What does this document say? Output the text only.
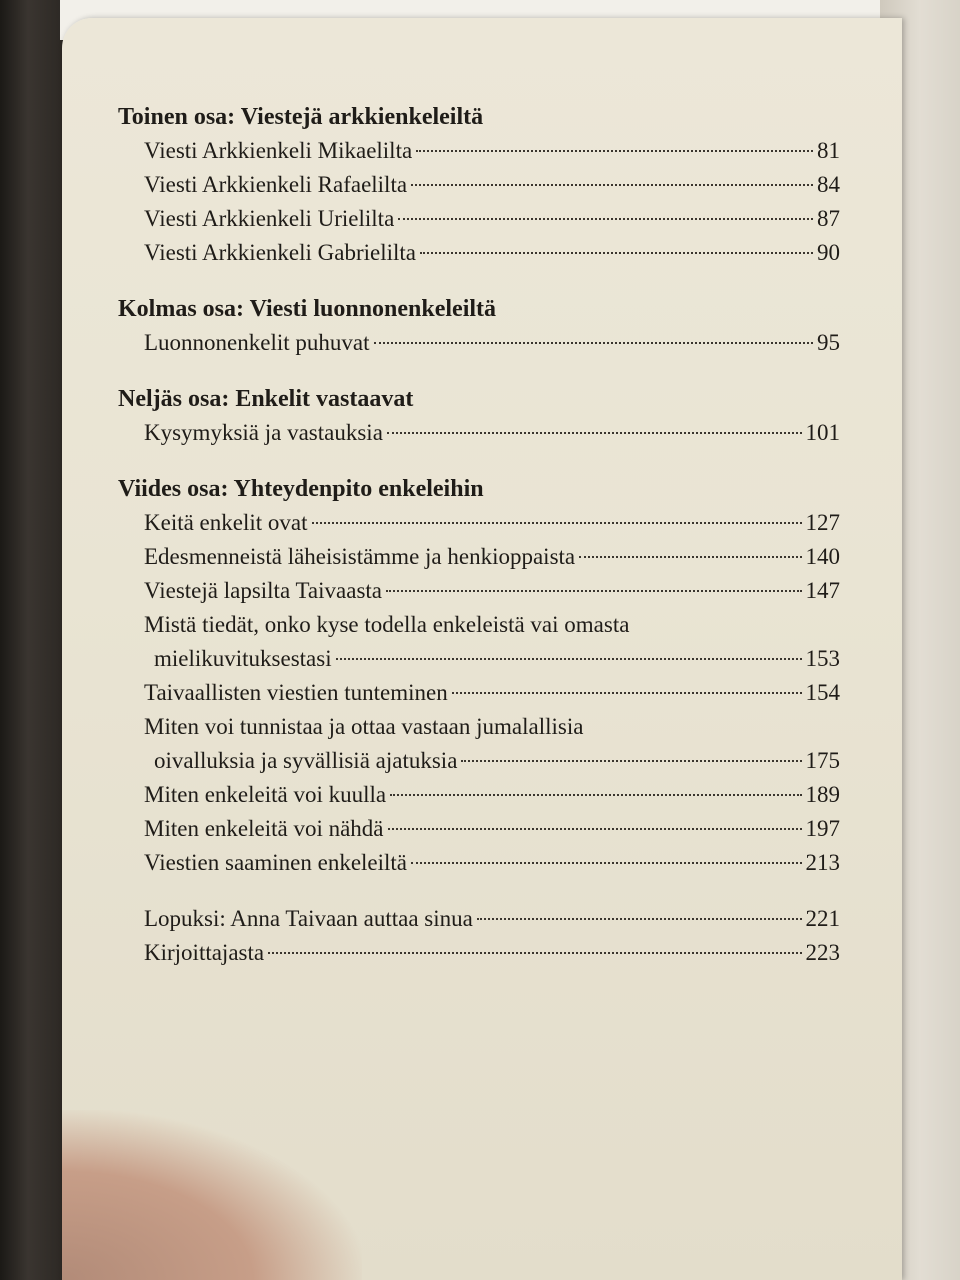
Toinen osa: Viestejä arkkienkeleiltä

Viesti Arkkienkeli Mikaelilta	81
Viesti Arkkienkeli Rafaelilta	84
Viesti Arkkienkeli Urielilta	87
Viesti Arkkienkeli Gabrielilta	90

Kolmas osa: Viesti luonnonenkeleiltä

Luonnonenkelit puhuvat	95

Neljäs osa: Enkelit vastaavat

Kysymyksiä ja vastauksia	101

Viides osa: Yhteydenpito enkeleihin

Keitä enkelit ovat	127
Edesmenneistä läheisistämme ja henkioppaista	140
Viestejä lapsilta Taivaasta	147
Mistä tiedät, onko kyse todella enkeleistä vai omasta
mielikuvituksestasi	153
Taivaallisten viestien tunteminen	154
Miten voi tunnistaa ja ottaa vastaan jumalallisia
oivalluksia ja syvällisiä ajatuksia	175
Miten enkeleitä voi kuulla	189
Miten enkeleitä voi nähdä	197
Viestien saaminen enkeleiltä	213
Lopuksi: Anna Taivaan auttaa sinua	221
Kirjoittajasta	223
